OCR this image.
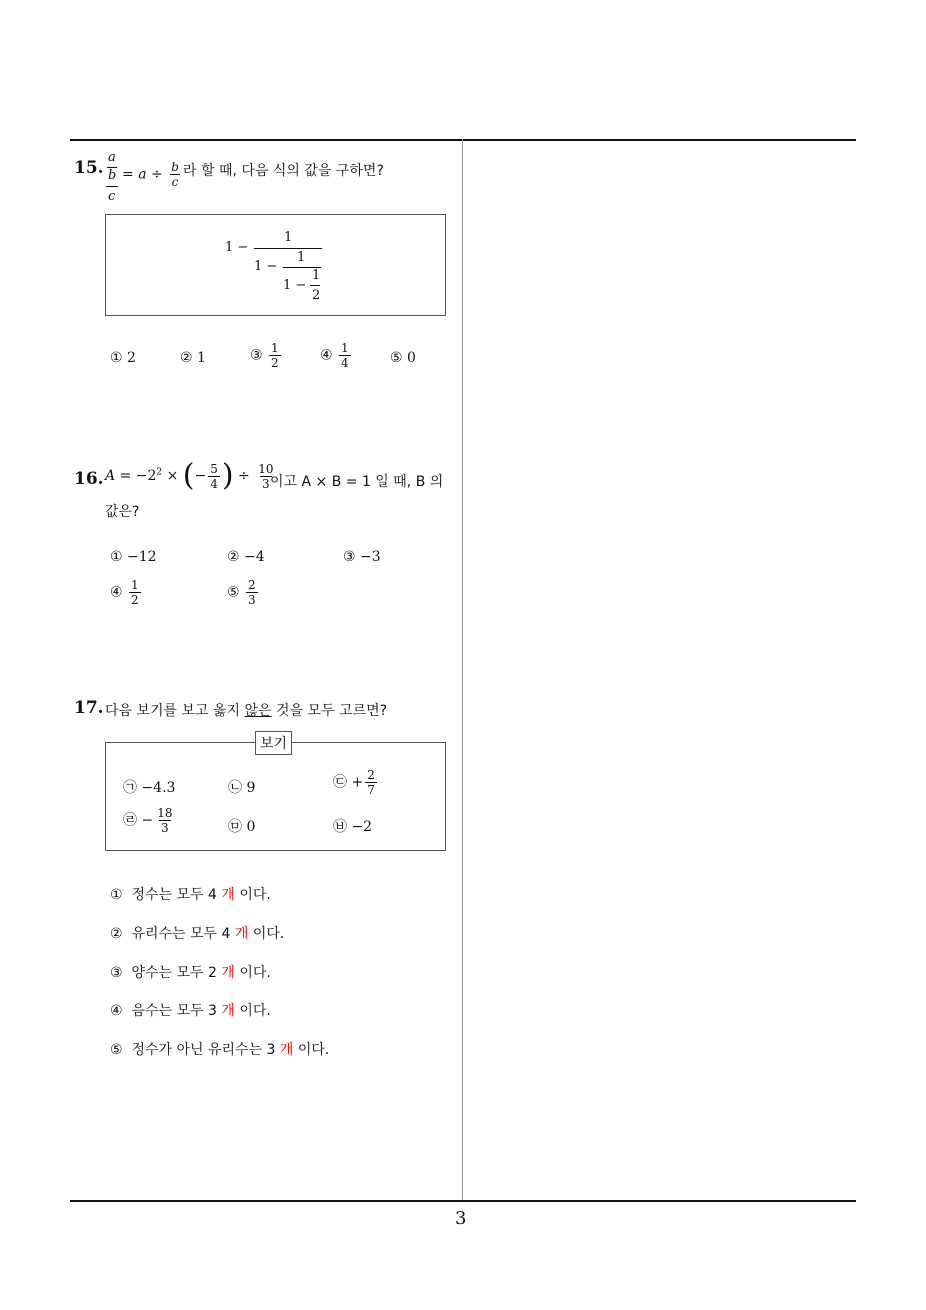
3
15.
a
b
c
= $a \div \frac{b}{c}$ 라 할 때, 다음 식의 값을 구하면?
1 −
1
1 −
1
1 −
1
2
① 2	② 1	③ $\frac{1}{2}$	④ $\frac{1}{4}$	⑤ 0
16. $A = -2^2$ × (− $\frac{5}{4}$ ) ÷ $\frac{10}{3}$
이고 A × B = 1 일 때, B 의
값은?
① −12	② −4	③ −3
④ $\frac{1}{2}$	⑤ $\frac{2}{3}$
17. 다음 보기를 보고 옳지 않은 것을 모두 고르면?
보기
㉠ −4.3	㉡ 9	㉢ + $\frac{2}{7}$
㉣ − $\frac{18}{3}$	㉤ 0	㉥ −2
① 정수는 모두 4 개 이다.
② 유리수는 모두 4 개 이다.
③ 양수는 모두 2 개 이다.
④ 음수는 모두 3 개 이다.
⑤ 정수가 아닌 유리수는 3 개 이다.
